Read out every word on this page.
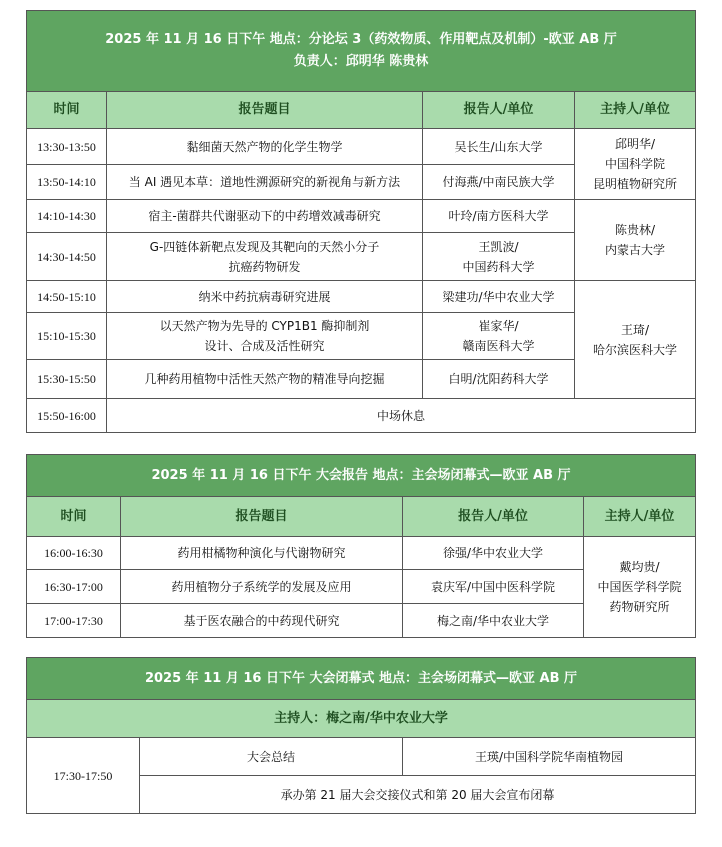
2025 年 11 月 16 日下午 地点：分论坛 3（药效物质、作用靶点及机制）-欧亚 AB 厅
负责人：邱明华 陈贵林			

时间	报告题目	报告人/单位	主持人/单位
13:30-13:50	黏细菌天然产物的化学生物学	吴长生/山东大学	邱明华/
中国科学院
昆明植物研究所

13:50-14:10	当 AI 遇见本草：道地性溯源研究的新视角与新方法	付海燕/中南民族大学	
14:10-14:30	宿主-菌群共代谢驱动下的中药增效减毒研究	叶玲/南方医科大学	陈贵林/
内蒙古大学

14:30-14:50	G-四链体新靶点发现及其靶向的天然小分子
抗癌药物研发	王凯波/
中国药科大学	

14:50-15:10	纳米中药抗病毒研究进展	梁建功/华中农业大学	王琦/
哈尔滨医科大学

15:10-15:30	以天然产物为先导的 CYP1B1 酶抑制剂
设计、合成及活性研究	崔家华/
赣南医科大学	

15:30-15:50	几种药用植物中活性天然产物的精准导向挖掘	白明/沈阳药科大学	
15:50-16:00	中场休息		
2025 年 11 月 16 日下午 大会报告 地点：主会场闭幕式—欧亚 AB 厅			
时间	报告题目	报告人/单位	主持人/单位
16:00-16:30	药用柑橘物种演化与代谢物研究	徐强/华中农业大学	戴均贵/
中国医学科学院
药物研究所

16:30-17:00	药用植物分子系统学的发展及应用	袁庆军/中国中医科学院	
17:00-17:30	基于医农融合的中药现代研究	梅之南/华中农业大学	
2025 年 11 月 16 日下午 大会闭幕式 地点：主会场闭幕式—欧亚 AB 厅
主持人：梅之南/华中农业大学
17:30-17:50	大会总结	王瑛/中国科学院华南植物园
承办第 21 届大会交接仪式和第 20 届大会宣布闭幕
